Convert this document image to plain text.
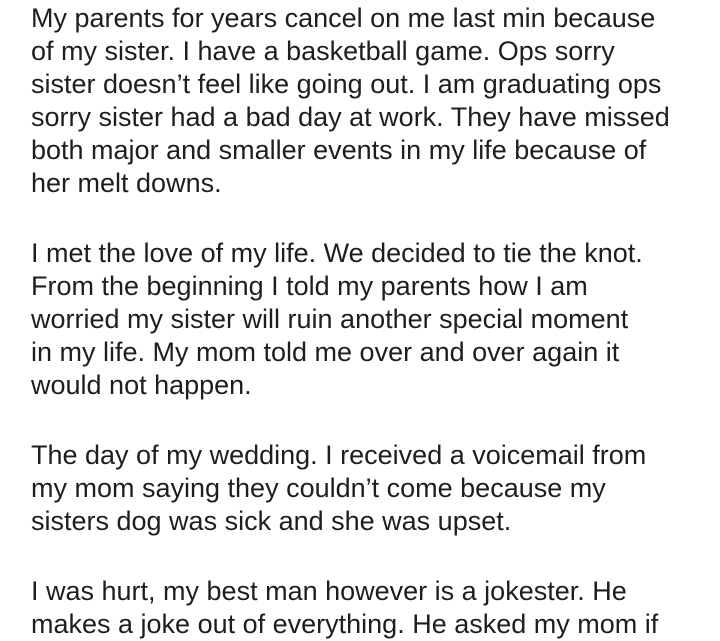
My parents for years cancel on me last min because
of my sister. I have a basketball game. Ops sorry
sister doesn’t feel like going out. I am graduating ops
sorry sister had a bad day at work. They have missed
both major and smaller events in my life because of
her melt downs.
I met the love of my life. We decided to tie the knot.
From the beginning I told my parents how I am
worried my sister will ruin another special moment
in my life. My mom told me over and over again it
would not happen.
The day of my wedding. I received a voicemail from
my mom saying they couldn’t come because my
sisters dog was sick and she was upset.
I was hurt, my best man however is a jokester. He
makes a joke out of everything. He asked my mom if
